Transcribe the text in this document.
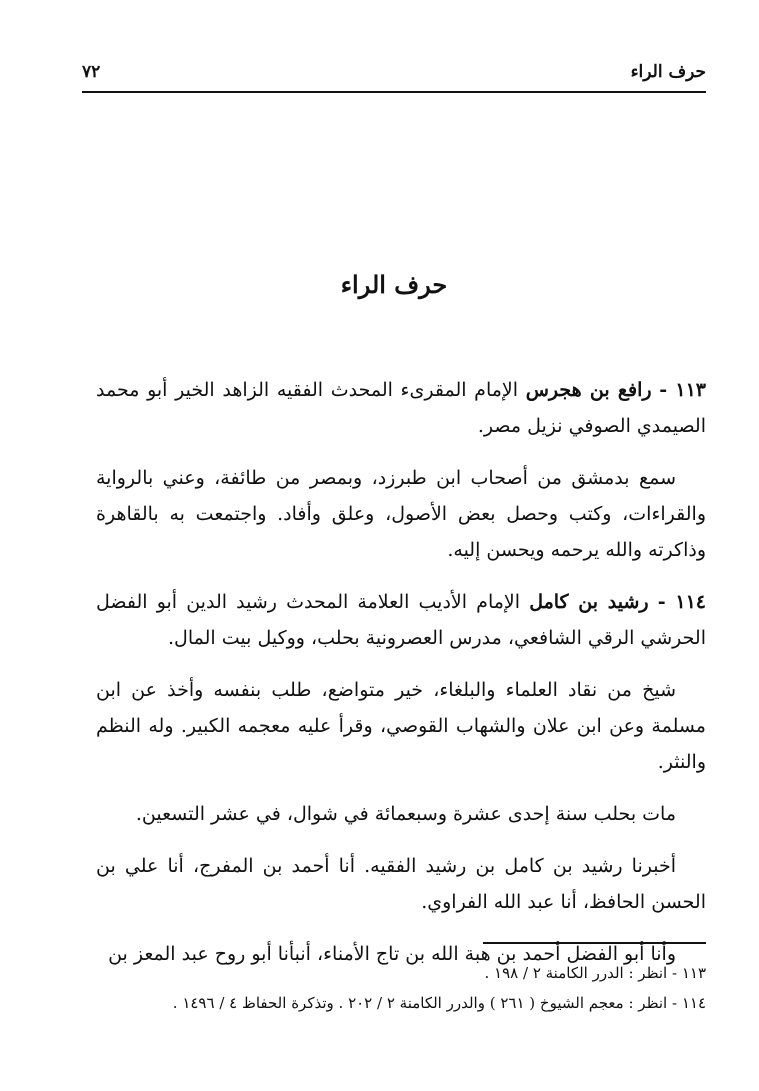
حرف الراء
٧٢
حرف الراء

١١٣ - رافع بن هجرس الإمام المقرىء المحدث الفقيه الزاهد الخير أبو محمد الصيمدي الصوفي نزيل مصر.

سمع بدمشق من أصحاب ابن طبرزد، وبمصر من طائفة، وعني بالرواية والقراءات، وكتب وحصل بعض الأصول، وعلق وأفاد. واجتمعت به بالقاهرة وذاكرته والله يرحمه ويحسن إليه.

١١٤ - رشيد بن كامل الإمام الأديب العلامة المحدث رشيد الدين أبو الفضل الحرشي الرقي الشافعي، مدرس العصرونية بحلب، ووكيل بيت المال.

شيخ من نقاد العلماء والبلغاء، خير متواضع، طلب بنفسه وأخذ عن ابن مسلمة وعن ابن علان والشهاب القوصي، وقرأ عليه معجمه الكبير. وله النظم والنثر.

مات بحلب سنة إحدى عشرة وسبعمائة في شوال، في عشر التسعين.

أخبرنا رشيد بن كامل بن رشيد الفقيه. أنا أحمد بن المفرج، أنا علي بن الحسن الحافظ، أنا عبد الله الفراوي.

وأنا أبو الفضل أحمد بن هبة الله بن تاج الأمناء، أنبأنا أبو روح عبد المعز بن

١١٣ - انظر : الدرر الكامنة ٢ / ١٩٨ .

١١٤ - انظر : معجم الشيوخ ( ٢٦١ ) والدرر الكامنة ٢ / ٢٠٢ . وتذكرة الحفاظ ٤ / ١٤٩٦ .
